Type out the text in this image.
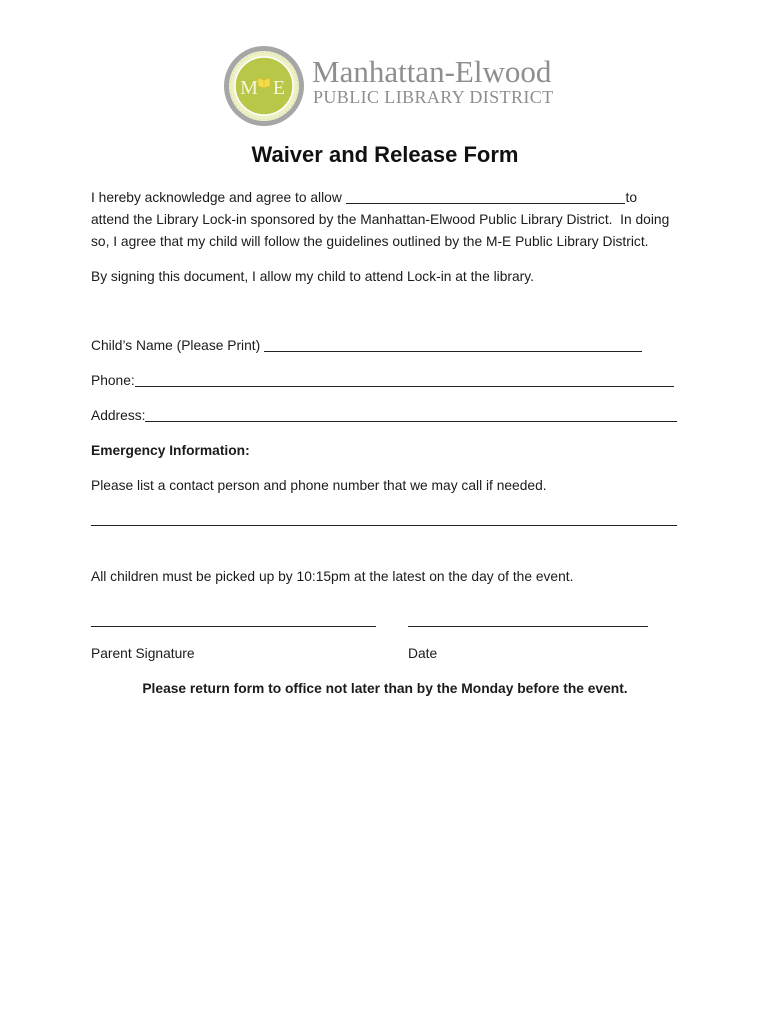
M E Manhattan-Elwood
PUBLIC LIBRARY DISTRICT
Waiver and Release Form
I hereby acknowledge and agree to allow	to
attend the Library Lock-in sponsored by the Manhattan-Elwood Public Library District.  In doing
so, I agree that my child will follow the guidelines outlined by the M-E Public Library District.
By signing this document, I allow my child to attend Lock-in at the library.
Child’s Name (Please Print)
Phone:
Address:
Emergency Information:
Please list a contact person and phone number that we may call if needed.
All children must be picked up by 10:15pm at the latest on the day of the event.
Parent Signature	Date
Please return form to office not later than by the Monday before the event.
